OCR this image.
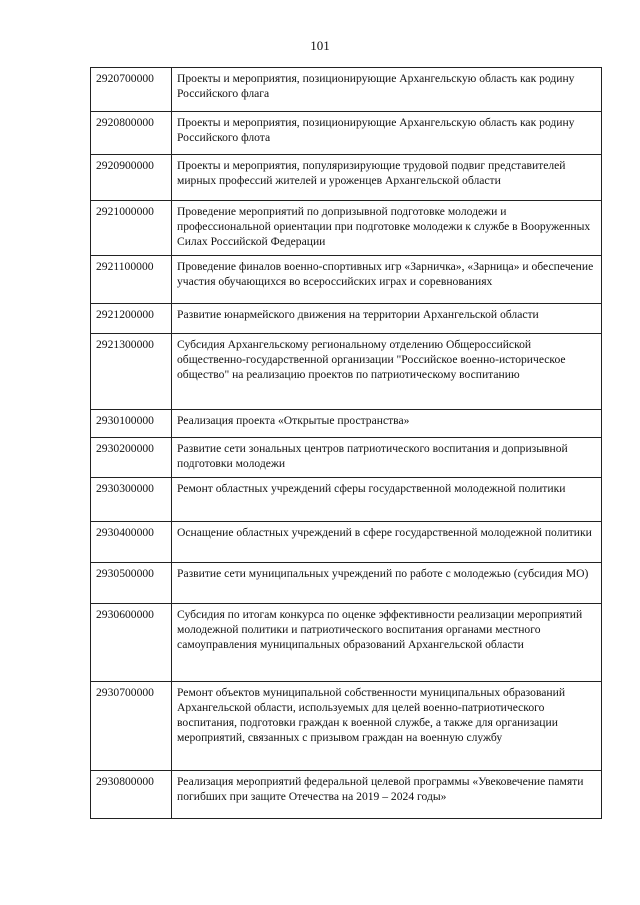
101
2920700000	Проекты и мероприятия, позиционирующие Архангельскую область как родину Российского флага
2920800000	Проекты и мероприятия, позиционирующие Архангельскую область как родину Российского флота
2920900000	Проекты и мероприятия, популяризирующие трудовой подвиг представителей мирных профессий жителей и уроженцев Архангельской области
2921000000	Проведение мероприятий по допризывной подготовке молодежи и профессиональной ориентации при подготовке молодежи к службе в Вооруженных Силах Российской Федерации
2921100000	Проведение финалов военно-спортивных игр «Зарничка», «Зарница» и обеспечение участия обучающихся во всероссийских играх и соревнованиях
2921200000	Развитие юнармейского движения на территории Архангельской области
2921300000	Субсидия Архангельскому региональному отделению Общероссийской общественно-государственной организации "Российское военно-историческое общество" на реализацию проектов по патриотическому воспитанию
2930100000	Реализация проекта «Открытые пространства»
2930200000	Развитие сети зональных центров патриотического воспитания и допризывной подготовки молодежи
2930300000	Ремонт областных учреждений сферы государственной молодежной политики
2930400000	Оснащение областных учреждений в сфере государственной молодежной политики
2930500000	Развитие сети муниципальных учреждений по работе с молодежью (субсидия МО)
2930600000	Субсидия по итогам конкурса по оценке эффективности реализации мероприятий молодежной политики и патриотического воспитания органами местного самоуправления муниципальных образований Архангельской области
2930700000	Ремонт объектов муниципальной собственности муниципальных образований Архангельской области, используемых для целей военно-патриотического воспитания, подготовки граждан к военной службе, а также для организации мероприятий, связанных с призывом граждан на военную службу
2930800000	Реализация мероприятий федеральной целевой программы «Увековечение памяти погибших при защите Отечества на 2019 – 2024 годы»
